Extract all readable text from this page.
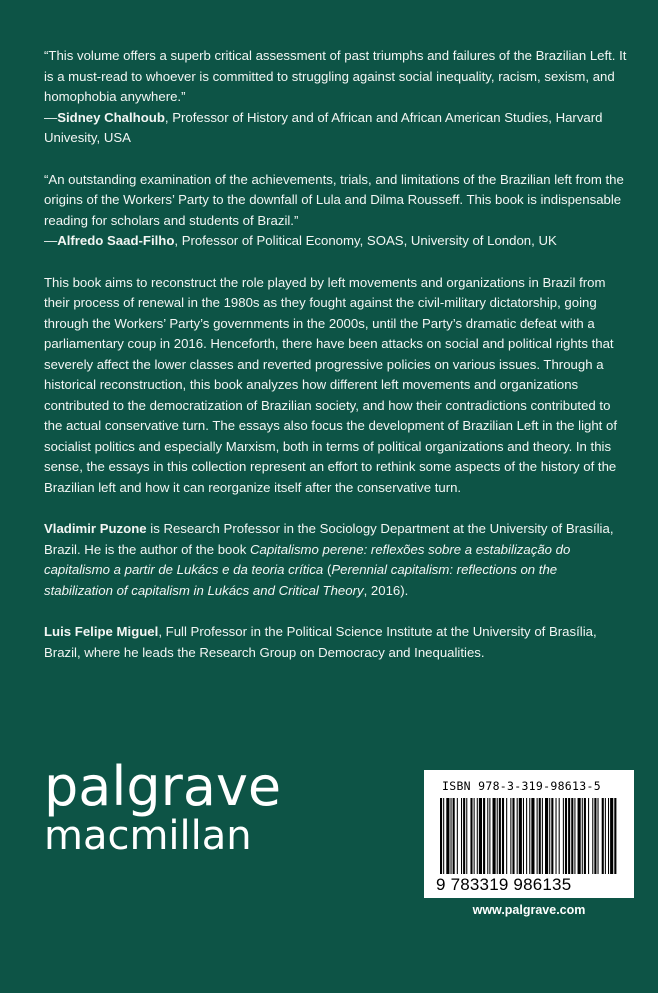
“This volume offers a superb critical assessment of past triumphs and failures of the Brazilian Left. It is a must-read to whoever is committed to struggling against social inequality, racism, sexism, and homophobia anywhere.”
—Sidney Chalhoub, Professor of History and of African and African American Studies, Harvard Univesity, USA

“An outstanding examination of the achievements, trials, and limitations of the Brazilian left from the origins of the Workers’ Party to the downfall of Lula and Dilma Rousseff. This book is indispensable reading for scholars and students of Brazil.”
—Alfredo Saad-Filho, Professor of Political Economy, SOAS, University of London, UK

This book aims to reconstruct the role played by left movements and organizations in Brazil from their process of renewal in the 1980s as they fought against the civil-military dictatorship, going through the Workers’ Party’s governments in the 2000s, until the Party’s dramatic defeat with a parliamentary coup in 2016. Henceforth, there have been attacks on social and political rights that severely affect the lower classes and reverted progressive policies on various issues. Through a historical reconstruction, this book analyzes how different left movements and organizations contributed to the democratization of Brazilian society, and how their contradictions contributed to the actual conservative turn. The essays also focus the development of Brazilian Left in the light of socialist politics and especially Marxism, both in terms of political organizations and theory. In this sense, the essays in this collection represent an effort to rethink some aspects of the history of the Brazilian left and how it can reorganize itself after the conservative turn.

Vladimir Puzone is Research Professor in the Sociology Department at the University of Brasília, Brazil. He is the author of the book Capitalismo perene: reflexões sobre a estabilização do capitalismo a partir de Lukács e da teoria crítica (Perennial capitalism: reflections on the stabilization of capitalism in Lukács and Critical Theory, 2016).

Luis Felipe Miguel, Full Professor in the Political Science Institute at the University of Brasília, Brazil, where he leads the Research Group on Democracy and Inequalities.

palgrave
macmillan
ISBN 978-3-319-98613-5
9 783319 986135
www.palgrave.com
